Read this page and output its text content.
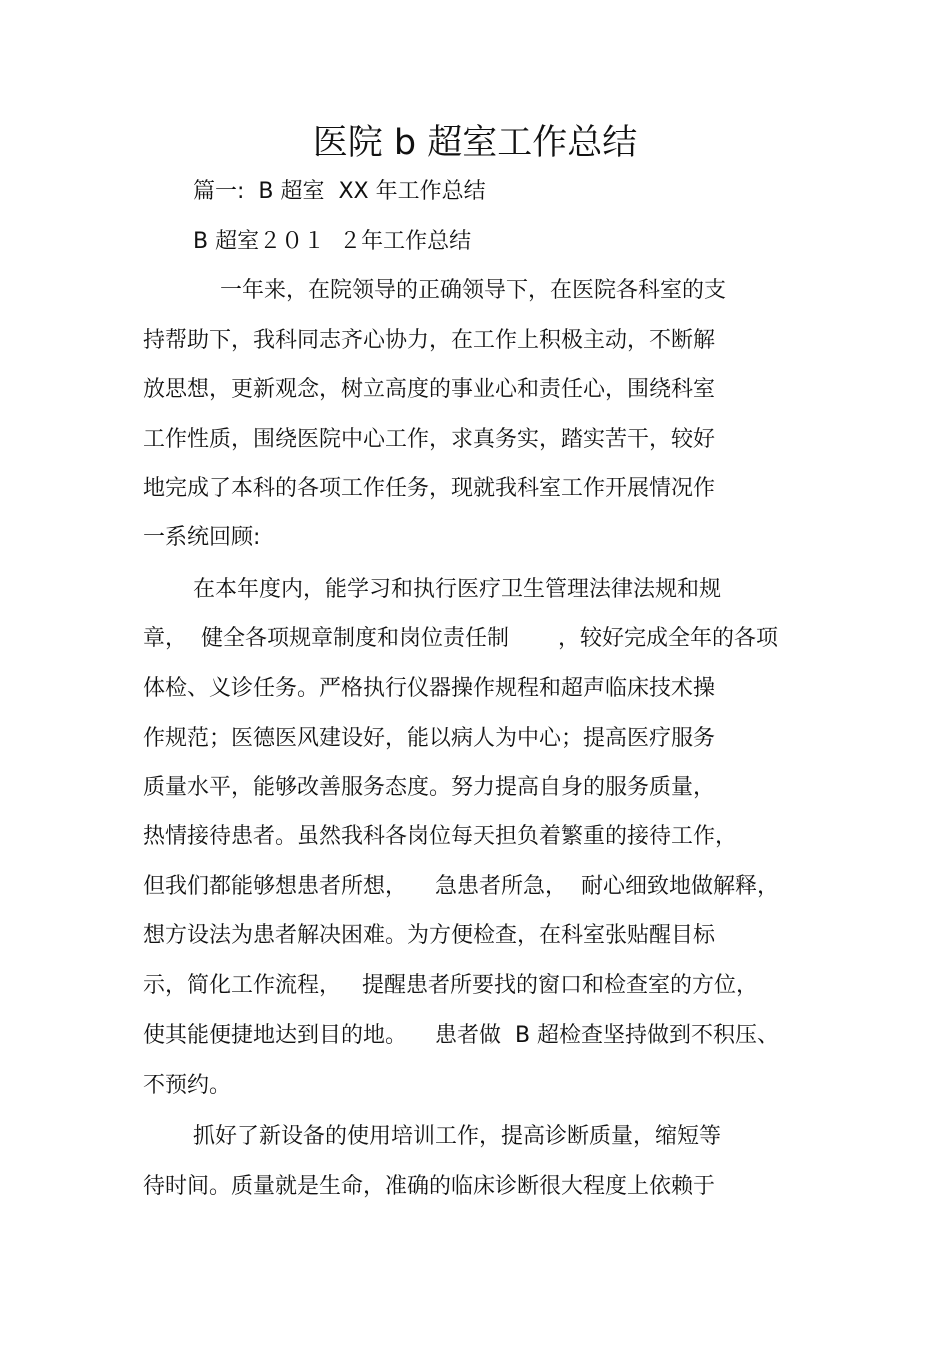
医院 b 超室工作总结
篇一:  B 超室  XX 年工作总结
B 超室２０１  ２年工作总结
一年来，在院领导的正确领导下，在医院各科室的支
持帮助下，我科同志齐心协力，在工作上积极主动，不断解
放思想，更新观念，树立高度的事业心和责任心，围绕科室
工作性质，围绕医院中心工作，求真务实，踏实苦干，较好
地完成了本科的各项工作任务，现就我科室工作开展情况作
一系统回顾:
在本年度内，能学习和执行医疗卫生管理法律法规和规
章，  健全各项规章制度和岗位责任制       ，较好完成全年的各项
体检、义诊任务。严格执行仪器操作规程和超声临床技术操
作规范；医德医风建设好，能以病人为中心；提高医疗服务
质量水平，能够改善服务态度。努力提高自身的服务质量，
热情接待患者。虽然我科各岗位每天担负着繁重的接待工作，
但我们都能够想患者所想，    急患者所急，  耐心细致地做解释，
想方设法为患者解决困难。为方便检查，在科室张贴醒目标
示，简化工作流程，   提醒患者所要找的窗口和检查室的方位，
使其能便捷地达到目的地。    患者做  B 超检查坚持做到不积压、
不预约。
抓好了新设备的使用培训工作，提高诊断质量，缩短等
待时间。质量就是生命，准确的临床诊断很大程度上依赖于
